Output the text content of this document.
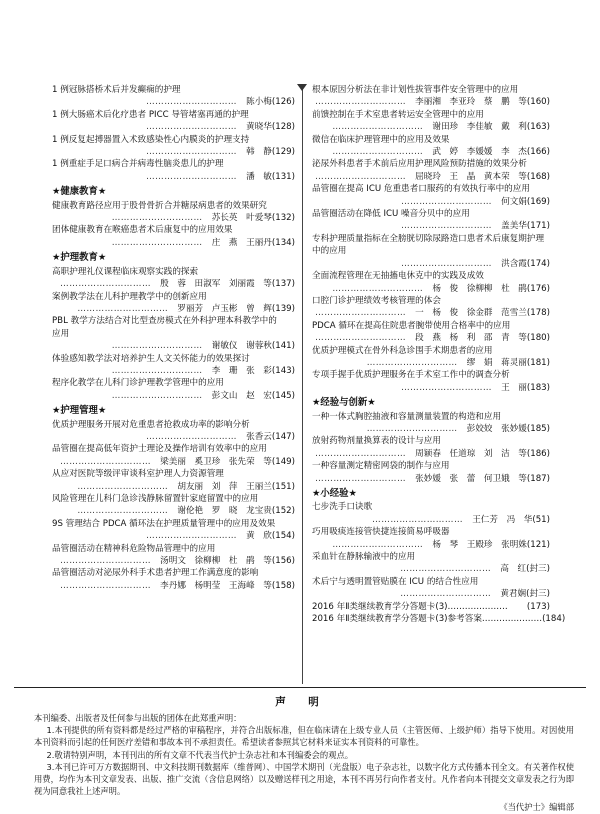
1 例冠脉搭桥术后并发癫痫的护理
…………………………　陈小梅(126)
1 例大肠癌术后化疗患者 PICC 导管堵塞再通的护理
…………………………　黄晓华(128)
1 例反复起搏器置入术致感染性心内膜炎的护理支持
…………………………　韩　静(129)
1 例重症手足口病合并病毒性脑炎患儿的护理
…………………………　潘　敏(131)
★健康教育★
健康教育路径应用于股骨骨折合并糖尿病患者的效果研究
…………………………　苏长英　叶爱琴(132)
团体健康教育在喉癌患者术后康复中的应用效果
…………………………　庄　燕　王丽丹(134)
★护理教育★
高职护理礼仪课程临床观察实践的探索
…………………………　殷　蓉　田淑军　刘丽霞　等(137)
案例教学法在儿科护理教学中的创新应用
…………………………　罗丽芳　卢玉彬　曾　辉(139)
PBL 教学方法结合对比型查房模式在外科护理本科教学中的
应用
…………………………　谢敏仪　谢蓉秋(141)
体验感知教学法对培养护生人文关怀能力的效果探讨
…………………………　李　珊　张　彩(143)
程序化教学在儿科门诊护理教学管理中的应用
…………………………　彭文山　赵　宏(145)
★护理管理★
优质护理服务开展对危重患者抢救成功率的影响分析
…………………………　张香云(147)
品管圈在提高低年资护士理论及操作培训有效率中的应用
…………………………　梁美丽　奚卫珍　张先荣　等(149)
从应对医院等级评审谈科室护理人力资源管理
…………………………　胡友丽　刘　萍　王丽兰(151)
风险管理在儿科门急诊浅静脉留置针家庭留置中的应用
…………………………　谢伦艳　罗　晓　龙宝贵(152)
9S 管理结合 PDCA 循环法在护理质量管理中的应用及效果
…………………………　黄　欣(154)
品管圈活动在精神科危险物品管理中的应用
…………………………　汤明文　徐柳柳　杜　鹃　等(156)
品管圈活动对泌尿外科手术患者护理工作满意度的影响
…………………………　李丹娜　杨明莹　王海峰　等(158)
根本原因分析法在非计划性拔管事件安全管理中的应用
…………………………　李丽湘　李亚玲　蔡　鹏　等(160)
前馈控制在手术室患者转运安全管理中的应用
…………………………　谢田珍　李佳敏　戴　利(163)
微信在临床护理管理中的应用及效果
…………………………　武　婷　李媛媛　李　杰(166)
泌尿外科患者手术前后应用护理风险预防措施的效果分析
…………………………　屈晓玲　王　晶　黄本荣　等(168)
品管圈在提高 ICU 危重患者口服药的有效执行率中的应用
…………………………　何文娟(169)
品管圈活动在降低 ICU 噪音分贝中的应用
…………………………　盖美华(171)
专科护理质量指标在全膀胱切除尿路造口患者术后康复期护理
中的应用
…………………………　洪含霞(174)
全面流程管理在无抽搐电休克中的实践及成效
…………………………　杨　俊　徐柳柳　杜　鹃(176)
口腔门诊护理绩效考核管理的体会
…………………………　一　杨　俊　徐金群　范雪兰(178)
PDCA 循环在提高住院患者腕带使用合格率中的应用
…………………………　段　燕　杨　利　邵　青　等(180)
优质护理模式在骨外科急诊围手术期患者的应用
…………………………　缪　娟　蒋灵丽(181)
专项手握手优质护理服务在手术室工作中的调查分析
…………………………　王　丽(183)
★经验与创新★
一种一体式胸腔抽液和容量测量装置的构造和应用
…………………………　彭姣姣　张妙媛(185)
放射药物剂量换算表的设计与应用
…………………………　周颖春　任道琼　刘　洁　等(186)
一种容量测定精密网袋的制作与应用
…………………………　张妙媛　张　蕾　何卫娥　等(187)
★小经验★
七步洗手口诀歌
…………………………　王仁芳　冯　华(51)
巧用吸痰连接管快捷连接简易呼吸器
…………………………　杨　琴　王殿珍　张明姝(121)
采血针在静脉输液中的应用
…………………………　高　红(封三)
术后宁与透明置管贴膜在 ICU 的结合性应用
…………………………　黄君娴(封三)
2016 年Ⅱ类继续教育学分答题卡(3) …………………	(173)
2016 年Ⅱ类继续教育学分答题卡(3)参考答案 ………………… (184)
声　明

本刊编委、出版者及任何参与出版的团体在此郑重声明：

1.本刊提供的所有资料都是经过严格的审稿程序，并符合出版标准，但在临床请在上级专业人员（主管医师、上级护师）指导下使用。对因使用本刊资料而引起的任何医疗差错和事故本刊不承担责任。希望读者参照其它材料来证实本刊资料的可靠性。

2.敬请特别声明，本刊刊出的所有文章不代表当代护士杂志社和本刊编委会的观点。

3.本刊已许可万方数据期刊、中文科技期刊数据库（维普网）、中国学术期刊（光盘版）电子杂志社，以数字化方式传播本刊全文。有关著作权使用费，均作为本刊文章发表、出版、推广交流（含信息网络）以及赠送样刊之用途，本刊不再另行向作者支付。凡作者向本刊提交文章发表之行为即视为同意我社上述声明。

《当代护士》编辑部
